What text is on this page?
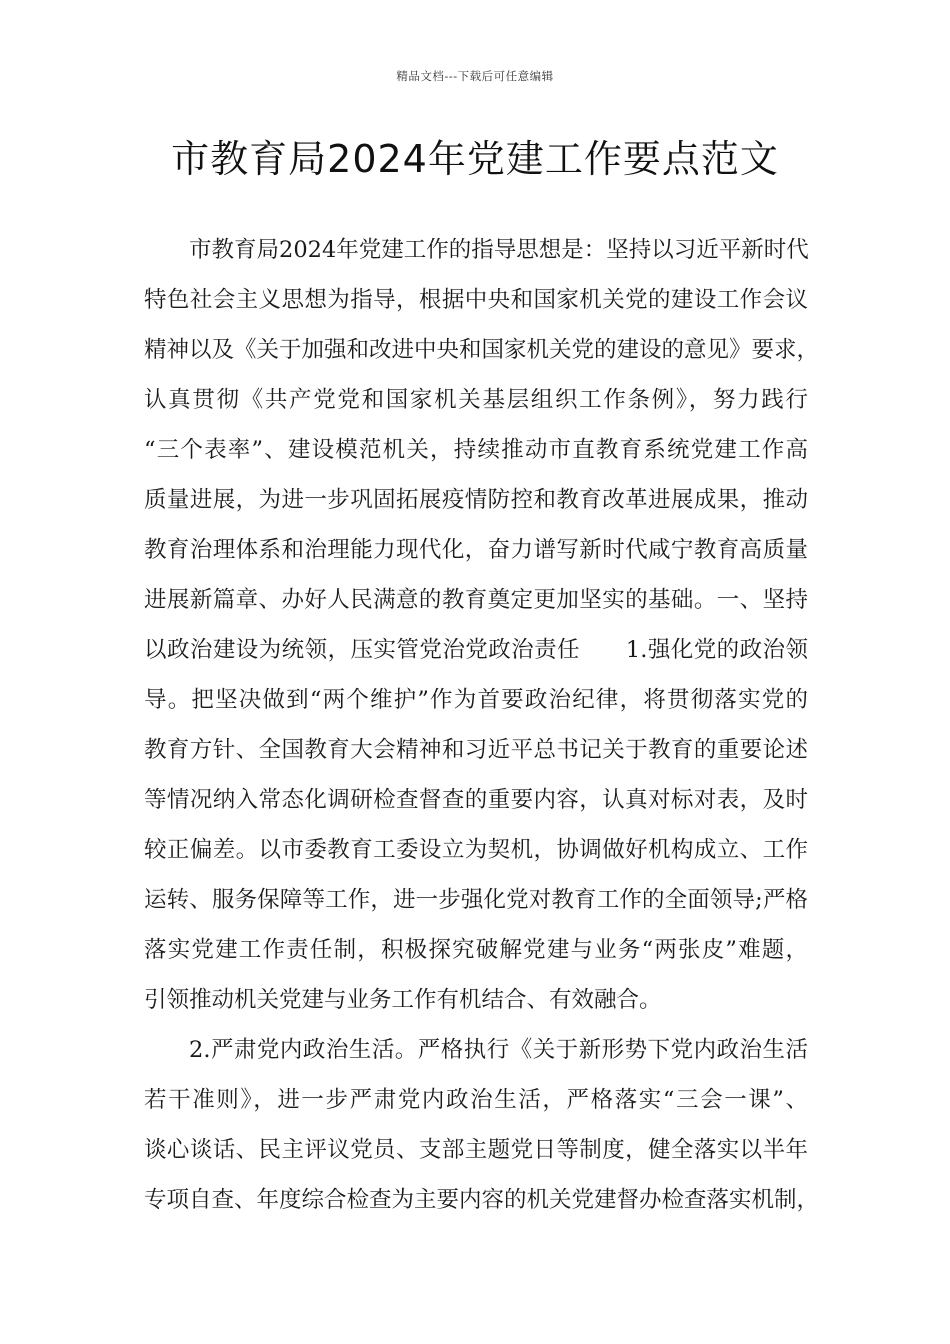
精品文档---下载后可任意编辑
市教育局2024年党建工作要点范文
市教育局2024年党建工作的指导思想是：坚持以习近平新时代
特色社会主义思想为指导，根据中央和国家机关党的建设工作会议
精神以及《关于加强和改进中央和国家机关党的建设的意见》要求，
认真贯彻《共产党党和国家机关基层组织工作条例》，努力践行
“三个表率”、建设模范机关，持续推动市直教育系统党建工作高
质量进展，为进一步巩固拓展疫情防控和教育改革进展成果，推动
教育治理体系和治理能力现代化，奋力谱写新时代咸宁教育高质量
进展新篇章、办好人民满意的教育奠定更加坚实的基础。一、坚持
以政治建设为统领，压实管党治党政治责任　　1.强化党的政治领
导。把坚决做到“两个维护”作为首要政治纪律，将贯彻落实党的
教育方针、全国教育大会精神和习近平总书记关于教育的重要论述
等情况纳入常态化调研检查督查的重要内容，认真对标对表，及时
较正偏差。以市委教育工委设立为契机，协调做好机构成立、工作
运转、服务保障等工作，进一步强化党对教育工作的全面领导;严格
落实党建工作责任制，积极探究破解党建与业务“两张皮”难题，
引领推动机关党建与业务工作有机结合、有效融合。
2.严肃党内政治生活。严格执行《关于新形势下党内政治生活
若干准则》，进一步严肃党内政治生活，严格落实“三会一课”、
谈心谈话、民主评议党员、支部主题党日等制度，健全落实以半年
专项自查、年度综合检查为主要内容的机关党建督办检查落实机制，
